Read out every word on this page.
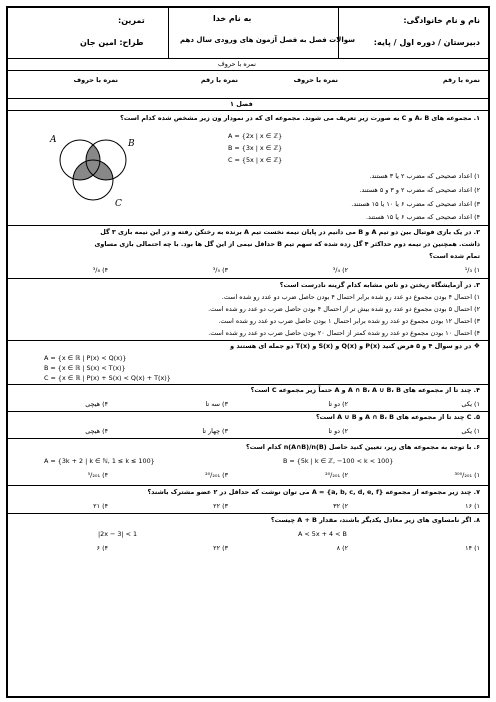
نام و نام خانوادگی:
دبیرستان / دوره اول / پایه:
به نام خدا
سوالات فصل به فصل آزمون های ورودی سال دهم
تمرین:
طراح: امین جان
نمره با حروف
نمره با رقم
نمره با حروف
نمره با رقم
نمره با حروف
فصل ۱
۱. مجموعه های A، B و C به صورت زیر تعریف می شوند. مجموعه ای که در نمودار ون زیر مشخص شده کدام است؟
A	B
C
A = {2x | x ∈ ℤ}
B = {3x | x ∈ ℤ}
C = {5x | x ∈ ℤ}
۱) اعداد صحیحی که مضرب ۲ یا ۳ هستند.
۲) اعداد صحیحی که مضرب ۲ و ۳ و ۵ هستند.
۳) اعداد صحیحی که مضرب ۶ یا ۱۰ یا ۱۵ هستند.
۴) اعداد صحیحی که مضرب ۶ یا ۱۵ هستند.
۲. در یک بازی فوتبال بین دو تیم A و B می دانیم در پایان نیمه نخست تیم A برنده به رختکن رفته و در این نیمه بازی ۳ گل
داشت. همچنین در نیمه دوم حداکثر ۴ گل زده شده که سهم تیم B حداقل نیمی از این گل ها بود. با چه احتمالی بازی مساوی
تمام شده است؟
۱) ¹/₃
۲) ³/₄
۳) ³/₅
۴) ³/₈
۳. در آزمایشگاه ریختن دو تاس مشابه کدام گزینه نادرست است؟
۱) احتمال ۴ بودن مجموع دو عدد رو شده برابر احتمال ۴ بودن حاصل ضرب دو عدد رو شده است.
۲) احتمال ۵ بودن مجموع دو عدد رو شده بیش تر از احتمال ۴ بودن حاصل ضرب دو عدد رو شده است.
۳) احتمال ۱۲ بودن مجموع دو عدد رو شده برابر احتمال ۱ بودن حاصل ضرب دو عدد رو شده است.
۴) احتمال ۱۰ بودن مجموع دو عدد رو شده کمتر از احتمال ۲۰ بودن حاصل ضرب دو عدد رو شده است.
❖ در دو سوال ۴ و ۵ فرض کنید P(x) و Q(x) و S(x) و T(x) دو جمله ای هستند و
A = {x ∈ ℝ | P(x) < Q(x)}
B = {x ∈ ℝ | S(x) < T(x)}
C = {x ∈ ℝ | P(x) + S(x) < Q(x) + T(x)}
۴. چند تا از مجموعه های A ∩ B، A ∪ B، B و A حتماً زیر مجموعه C است؟
۱) یکی
۲) دو تا
۳) سه تا
۴) هیچی
۵. C چند تا از مجموعه های A ∩ B، B و A ∪ B است؟
۱) یکی
۲) دو تا
۳) چهار تا
۴) هیچی
۶. با توجه به مجموعه های زیر، تعیین کنید حاصل n(A∩B)/n(B) کدام است؟
A = {3k + 2 | k ∈ ℕ, 1 ≤ k ≤ 100}	B = {5k | k ∈ ℤ, −100 < k < 100}
۱) ³⁰⁰/₂₀₁
۲) ²⁰/₂₀₁
۳) ²⁰/₂₀₁
۴) ⁵/₂₀₁
۷. چند زیر مجموعه از مجموعه A = {a, b, c, d, e, f} می توان نوشت که حداقل در ۲ عضو مشترک باشند؟
۱) ۱۶
۲) ۳۲
۳) ۲۲
۴) ۲۱
۸. اگر نامساوی های زیر معادل یکدیگر باشند، مقدار A + B چیست؟
|2x − 3| < 1	A < 5x + 4 < B
۱) ۱۴
۲) ۸
۳) ۲۲
۴) ۶
